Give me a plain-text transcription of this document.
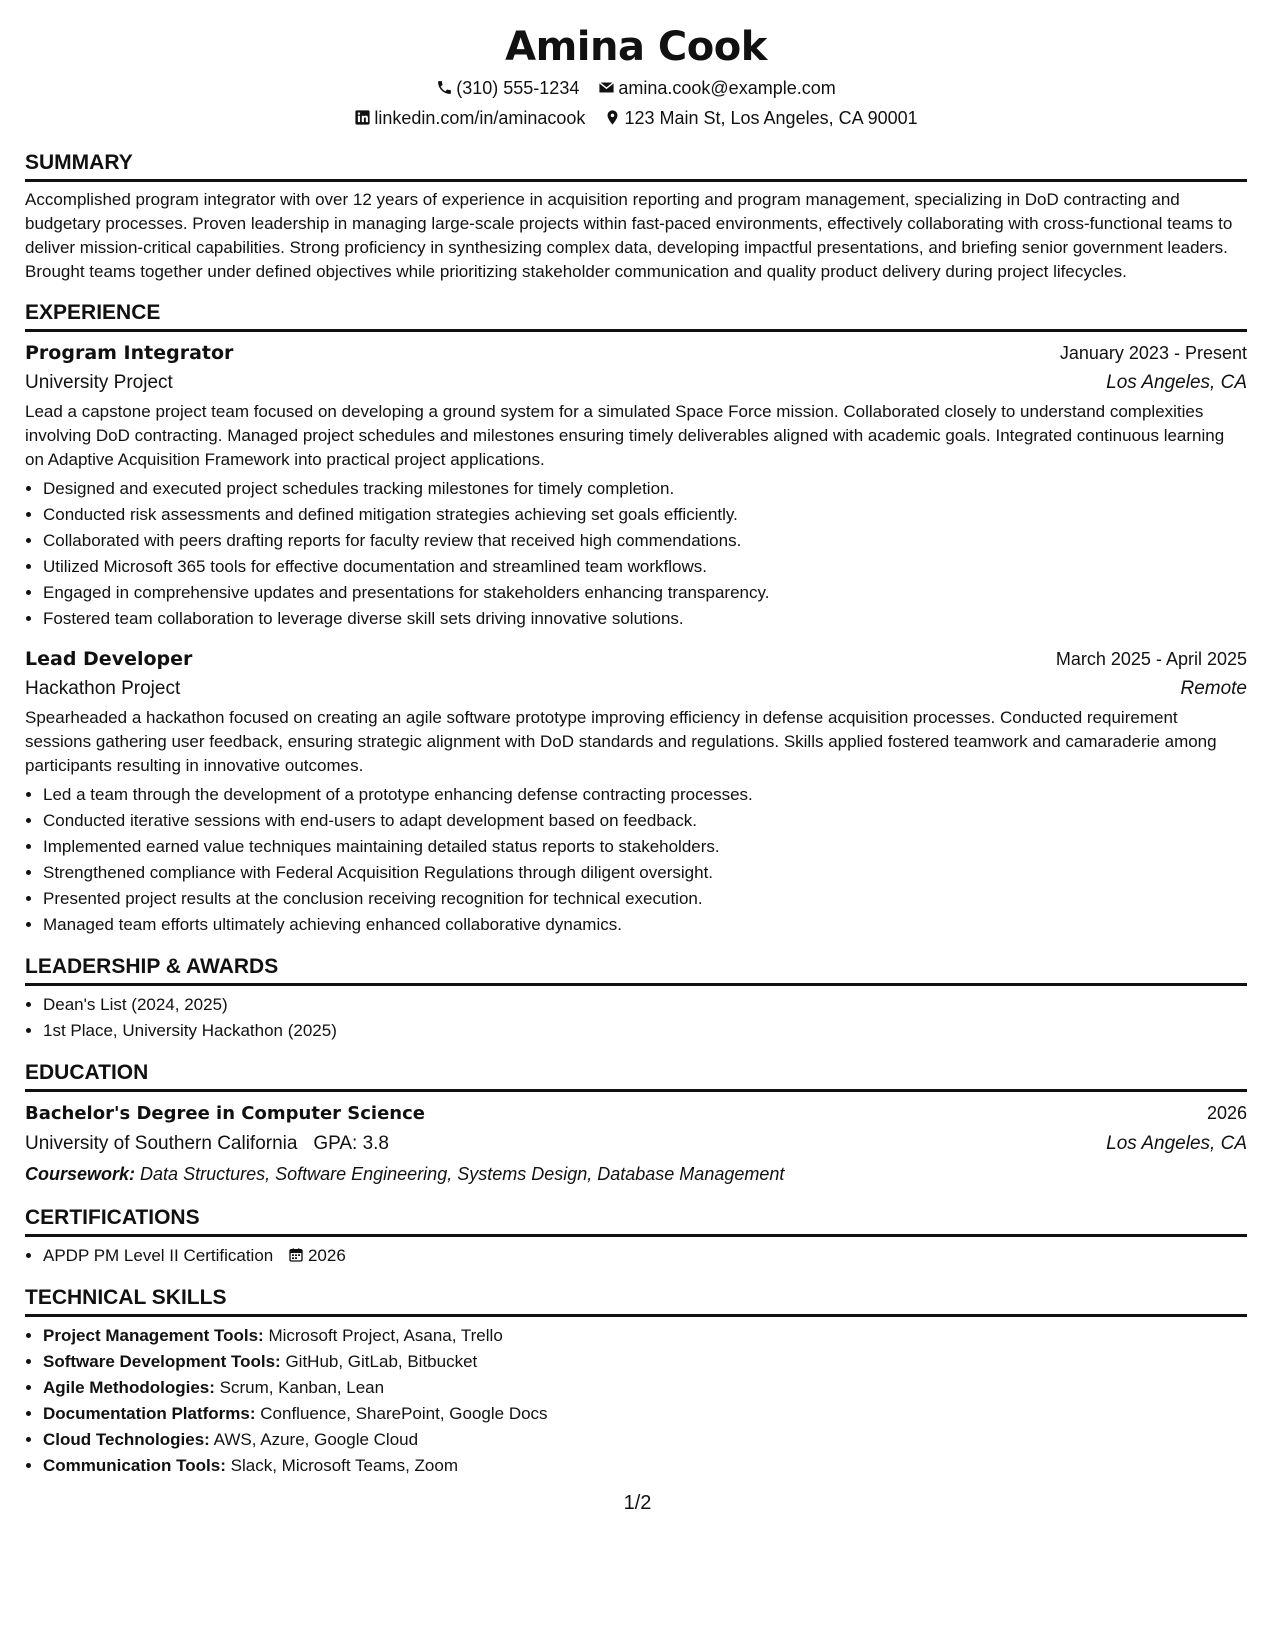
Amina Cook
(310) 555-1234 amina.cook@example.com
linkedin.com/in/aminacook 123 Main St, Los Angeles, CA 90001
SUMMARY

Accomplished program integrator with over 12 years of experience in acquisition reporting and program management, specializing in DoD contracting and budgetary processes. Proven leadership in managing large-scale projects within fast-paced environments, effectively collaborating with cross-functional teams to deliver mission-critical capabilities. Strong proficiency in synthesizing complex data, developing impactful presentations, and briefing senior government leaders. Brought teams together under defined objectives while prioritizing stakeholder communication and quality product delivery during project lifecycles.

EXPERIENCE
Program Integrator	January 2023 - Present
University Project	Los Angeles, CA

Lead a capstone project team focused on developing a ground system for a simulated Space Force mission. Collaborated closely to understand complexities involving DoD contracting. Managed project schedules and milestones ensuring timely deliverables aligned with academic goals. Integrated continuous learning on Adaptive Acquisition Framework into practical project applications.

• Designed and executed project schedules tracking milestones for timely completion.
• Conducted risk assessments and defined mitigation strategies achieving set goals efficiently.
• Collaborated with peers drafting reports for faculty review that received high commendations.
• Utilized Microsoft 365 tools for effective documentation and streamlined team workflows.
• Engaged in comprehensive updates and presentations for stakeholders enhancing transparency.
• Fostered team collaboration to leverage diverse skill sets driving innovative solutions.
Lead Developer	March 2025 - April 2025
Hackathon Project	Remote

Spearheaded a hackathon focused on creating an agile software prototype improving efficiency in defense acquisition processes. Conducted requirement sessions gathering user feedback, ensuring strategic alignment with DoD standards and regulations. Skills applied fostered teamwork and camaraderie among participants resulting in innovative outcomes.

• Led a team through the development of a prototype enhancing defense contracting processes.
• Conducted iterative sessions with end-users to adapt development based on feedback.
• Implemented earned value techniques maintaining detailed status reports to stakeholders.
• Strengthened compliance with Federal Acquisition Regulations through diligent oversight.
• Presented project results at the conclusion receiving recognition for technical execution.
• Managed team efforts ultimately achieving enhanced collaborative dynamics.
LEADERSHIP & AWARDS
• Dean's List (2024, 2025)
• 1st Place, University Hackathon (2025)
EDUCATION
Bachelor's Degree in Computer Science	2026
University of Southern California GPA: 3.8	Los Angeles, CA
Coursework: Data Structures, Software Engineering, Systems Design, Database Management
CERTIFICATIONS
• APDP PM Level II Certification 2026
TECHNICAL SKILLS
• Project Management Tools: Microsoft Project, Asana, Trello
• Software Development Tools: GitHub, GitLab, Bitbucket
• Agile Methodologies: Scrum, Kanban, Lean
• Documentation Platforms: Confluence, SharePoint, Google Docs
• Cloud Technologies: AWS, Azure, Google Cloud
• Communication Tools: Slack, Microsoft Teams, Zoom
1/2
